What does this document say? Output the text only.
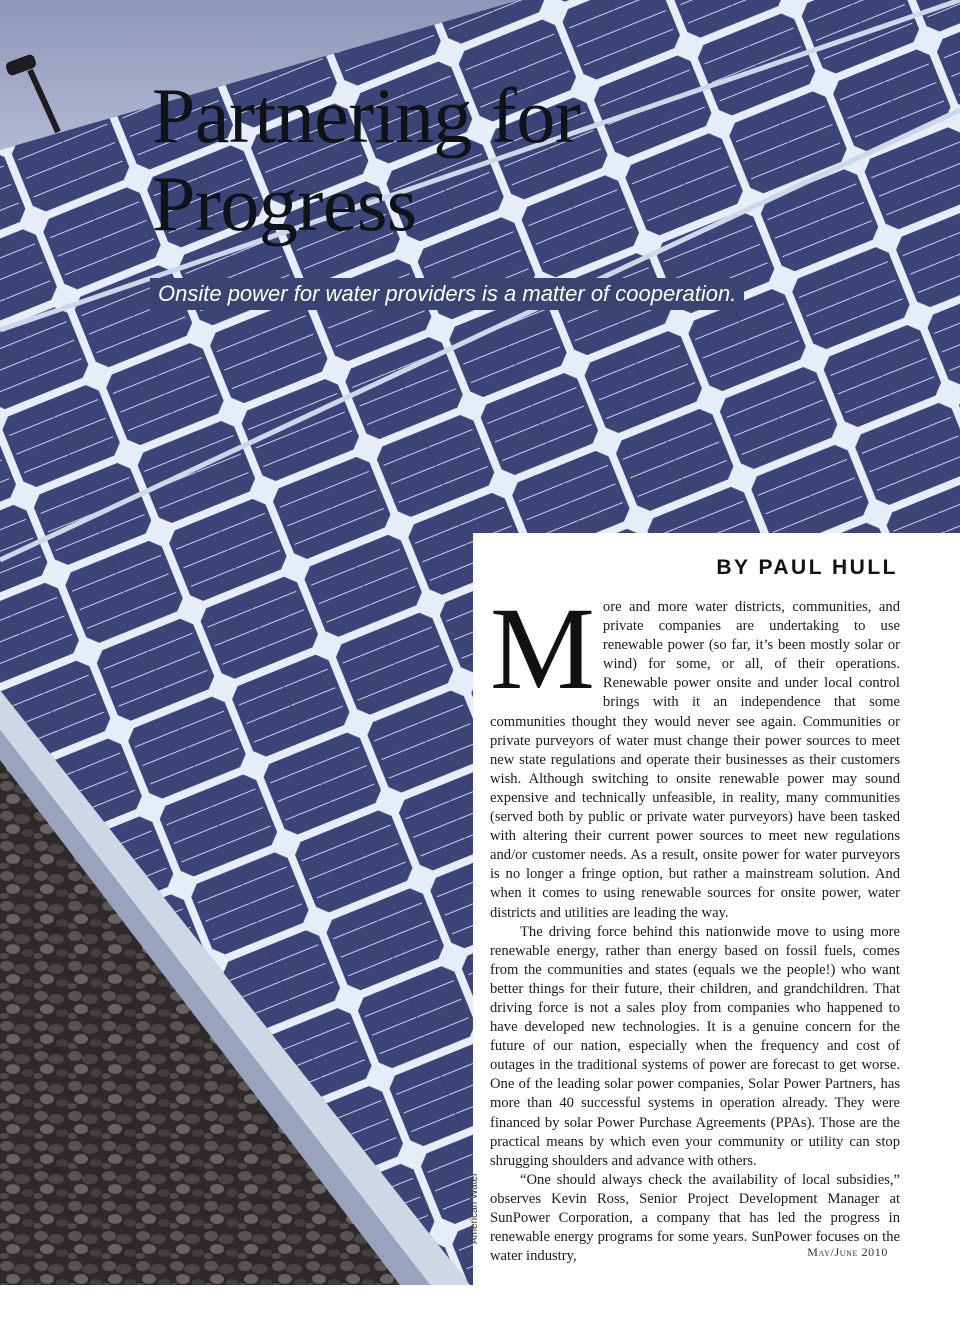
Partnering for
Progress
Onsite power for water providers is a matter of cooperation.
BY PAUL HULL

More and more water districts, communities, and private companies are undertaking to use renewable power (so far, it’s been mostly solar or wind) for some, or all, of their operations. Renewable power onsite and under local control brings with it an independence that some communities thought they would never see again. Communities or private purveyors of water must change their power sources to meet new state regulations and operate their businesses as their customers wish. Although switching to onsite renewable power may sound expensive and technically unfeasible, in reality, many communities (served both by public or private water purveyors) have been tasked with altering their current power sources to meet new regulations and/or customer needs. As a result, onsite power for water purveyors is no longer a fringe option, but rather a mainstream solution. And when it comes to using renewable sources for onsite power, water districts and utilities are leading the way.

The driving force behind this nationwide move to using more renewable energy, rather than energy based on fossil fuels, comes from the communities and states (equals we the people!) who want better things for their future, their children, and grandchildren. That driving force is not a sales ploy from companies who happened to have developed new technologies. It is a genuine concern for the future of our nation, especially when the frequency and cost of outages in the traditional systems of power are forecast to get worse. One of the leading solar power companies, Solar Power Partners, has more than 40 successful systems in operation already. They were financed by solar Power Purchase Agreements (PPAs). Those are the practical means by which even your community or utility can stop shrugging shoulders and advance with others.

“One should always check the availability of local subsidies,” observes Kevin Ross, Senior Project Development Manager at SunPower Corporation, a company that has led the progress in renewable energy programs for some years. SunPower focuses on the water industry,

American Water
May/June 2010
